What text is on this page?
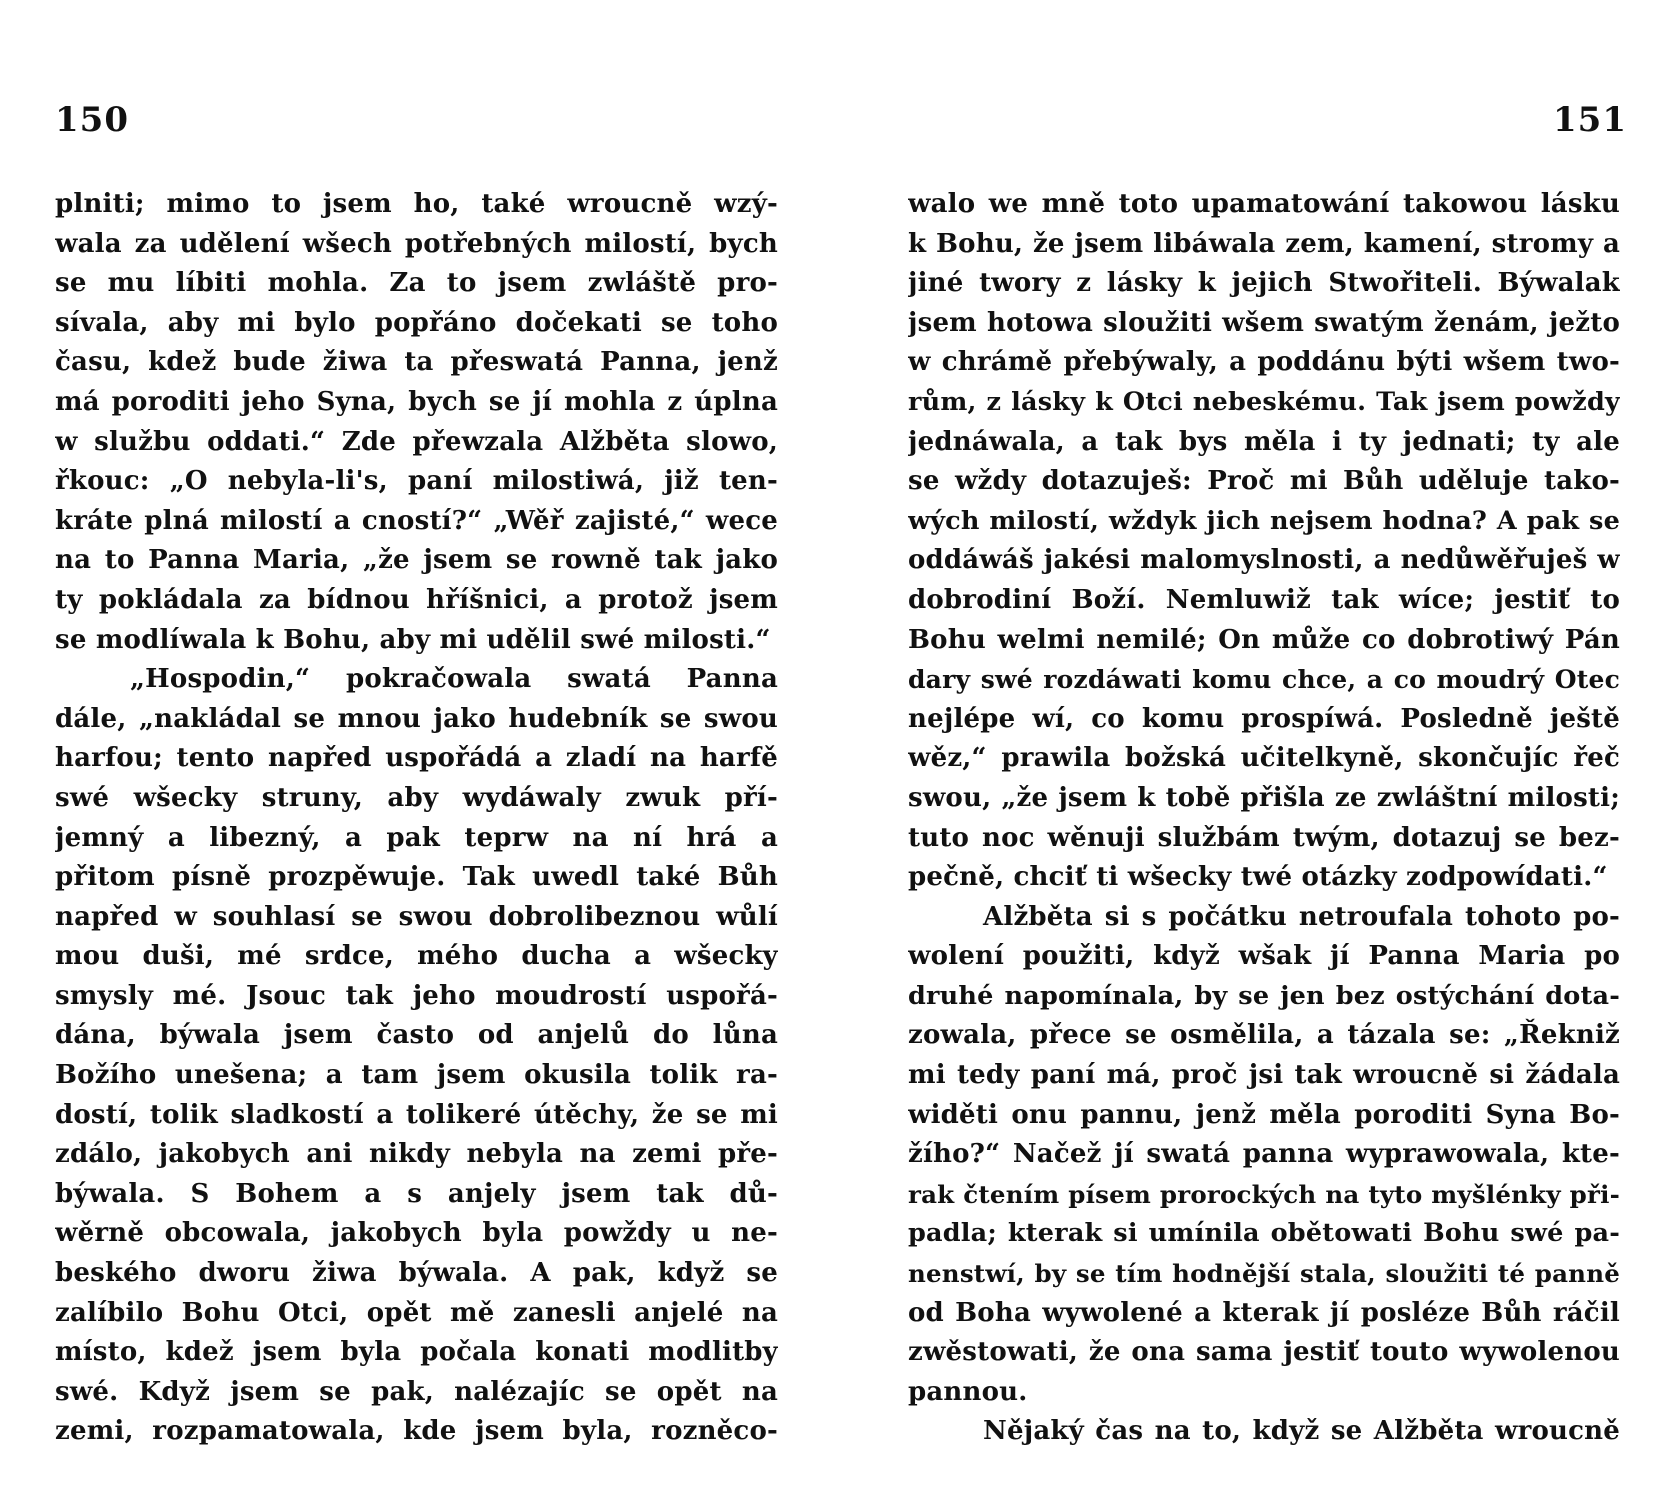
150	151
plniti; mimo to jsem ho, také wroucně wzý-
wala za udělení wšech potřebných milostí, bych
se mu líbiti mohla. Za to jsem zwláště pro-
sívala, aby mi bylo popřáno dočekati se toho
času, kdež bude žiwa ta přeswatá Panna, jenž
má poroditi jeho Syna, bych se jí mohla z úplna
w službu oddati.“ Zde přewzala Alžběta slowo,
řkouc: „O nebyla-li's, paní milostiwá, již ten-
kráte plná milostí a cností?“ „Wěř zajisté,“ wece
na to Panna Maria, „že jsem se rowně tak jako
ty pokládala za bídnou hříšnici, a protož jsem
se modlíwala k Bohu, aby mi udělil swé milosti.“
„Hospodin,“ pokračowala swatá Panna
dále, „nakládal se mnou jako hudebník se swou
harfou; tento napřed uspořádá a zladí na harfě
swé wšecky struny, aby wydáwaly zwuk pří-
jemný a libezný, a pak teprw na ní hrá a
přitom písně prozpěwuje. Tak uwedl také Bůh
napřed w souhlasí se swou dobrolibeznou wůlí
mou duši, mé srdce, mého ducha a wšecky
smysly mé. Jsouc tak jeho moudrostí uspořá-
dána, býwala jsem často od anjelů do lůna
Božího unešena; a tam jsem okusila tolik ra-
dostí, tolik sladkostí a tolikeré útěchy, že se mi
zdálo, jakobych ani nikdy nebyla na zemi pře-
býwala. S Bohem a s anjely jsem tak dů-
wěrně obcowala, jakobych byla powždy u ne-
beského dworu žiwa býwala. A pak, když se
zalíbilo Bohu Otci, opět mě zanesli anjelé na
místo, kdež jsem byla počala konati modlitby
swé. Když jsem se pak, nalézajíc se opět na
zemi, rozpamatowala, kde jsem byla, rozněco-
walo we mně toto upamatowání takowou lásku
k Bohu, že jsem libáwala zem, kamení, stromy a
jiné twory z lásky k jejich Stwořiteli. Býwalak
jsem hotowa sloužiti wšem swatým ženám, ježto
w chrámě přebýwaly, a poddánu býti wšem two-
rům, z lásky k Otci nebeskému. Tak jsem powždy
jednáwala, a tak bys měla i ty jednati; ty ale
se wždy dotazuješ: Proč mi Bůh uděluje tako-
wých milostí, wždyk jich nejsem hodna? A pak se
oddáwáš jakési malomyslnosti, a nedůwěřuješ w
dobrodiní Boží. Nemluwiž tak wíce; jestiť to
Bohu welmi nemilé; On může co dobrotiwý Pán
dary swé rozdáwati komu chce, a co moudrý Otec
nejlépe wí, co komu prospíwá. Posledně ještě
wěz,“ prawila božská učitelkyně, skončujíc řeč
swou, „že jsem k tobě přišla ze zwláštní milosti;
tuto noc wěnuji službám twým, dotazuj se bez-
pečně, chciť ti wšecky twé otázky zodpowídati.“
Alžběta si s počátku netroufala tohoto po-
wolení použiti, když wšak jí Panna Maria po
druhé napomínala, by se jen bez ostýchání dota-
zowala, přece se osmělila, a tázala se: „Řekniž
mi tedy paní má, proč jsi tak wroucně si žádala
widěti onu pannu, jenž měla poroditi Syna Bo-
žího?“ Načež jí swatá panna wyprawowala, kte-
rak čtením písem prorockých na tyto myšlénky při-
padla; kterak si umínila obětowati Bohu swé pa-
nenstwí, by se tím hodnější stala, sloužiti té panně
od Boha wywolené a kterak jí posléze Bůh ráčil
zwěstowati, že ona sama jestiť touto wywolenou
pannou.
Nějaký čas na to, když se Alžběta wroucně
